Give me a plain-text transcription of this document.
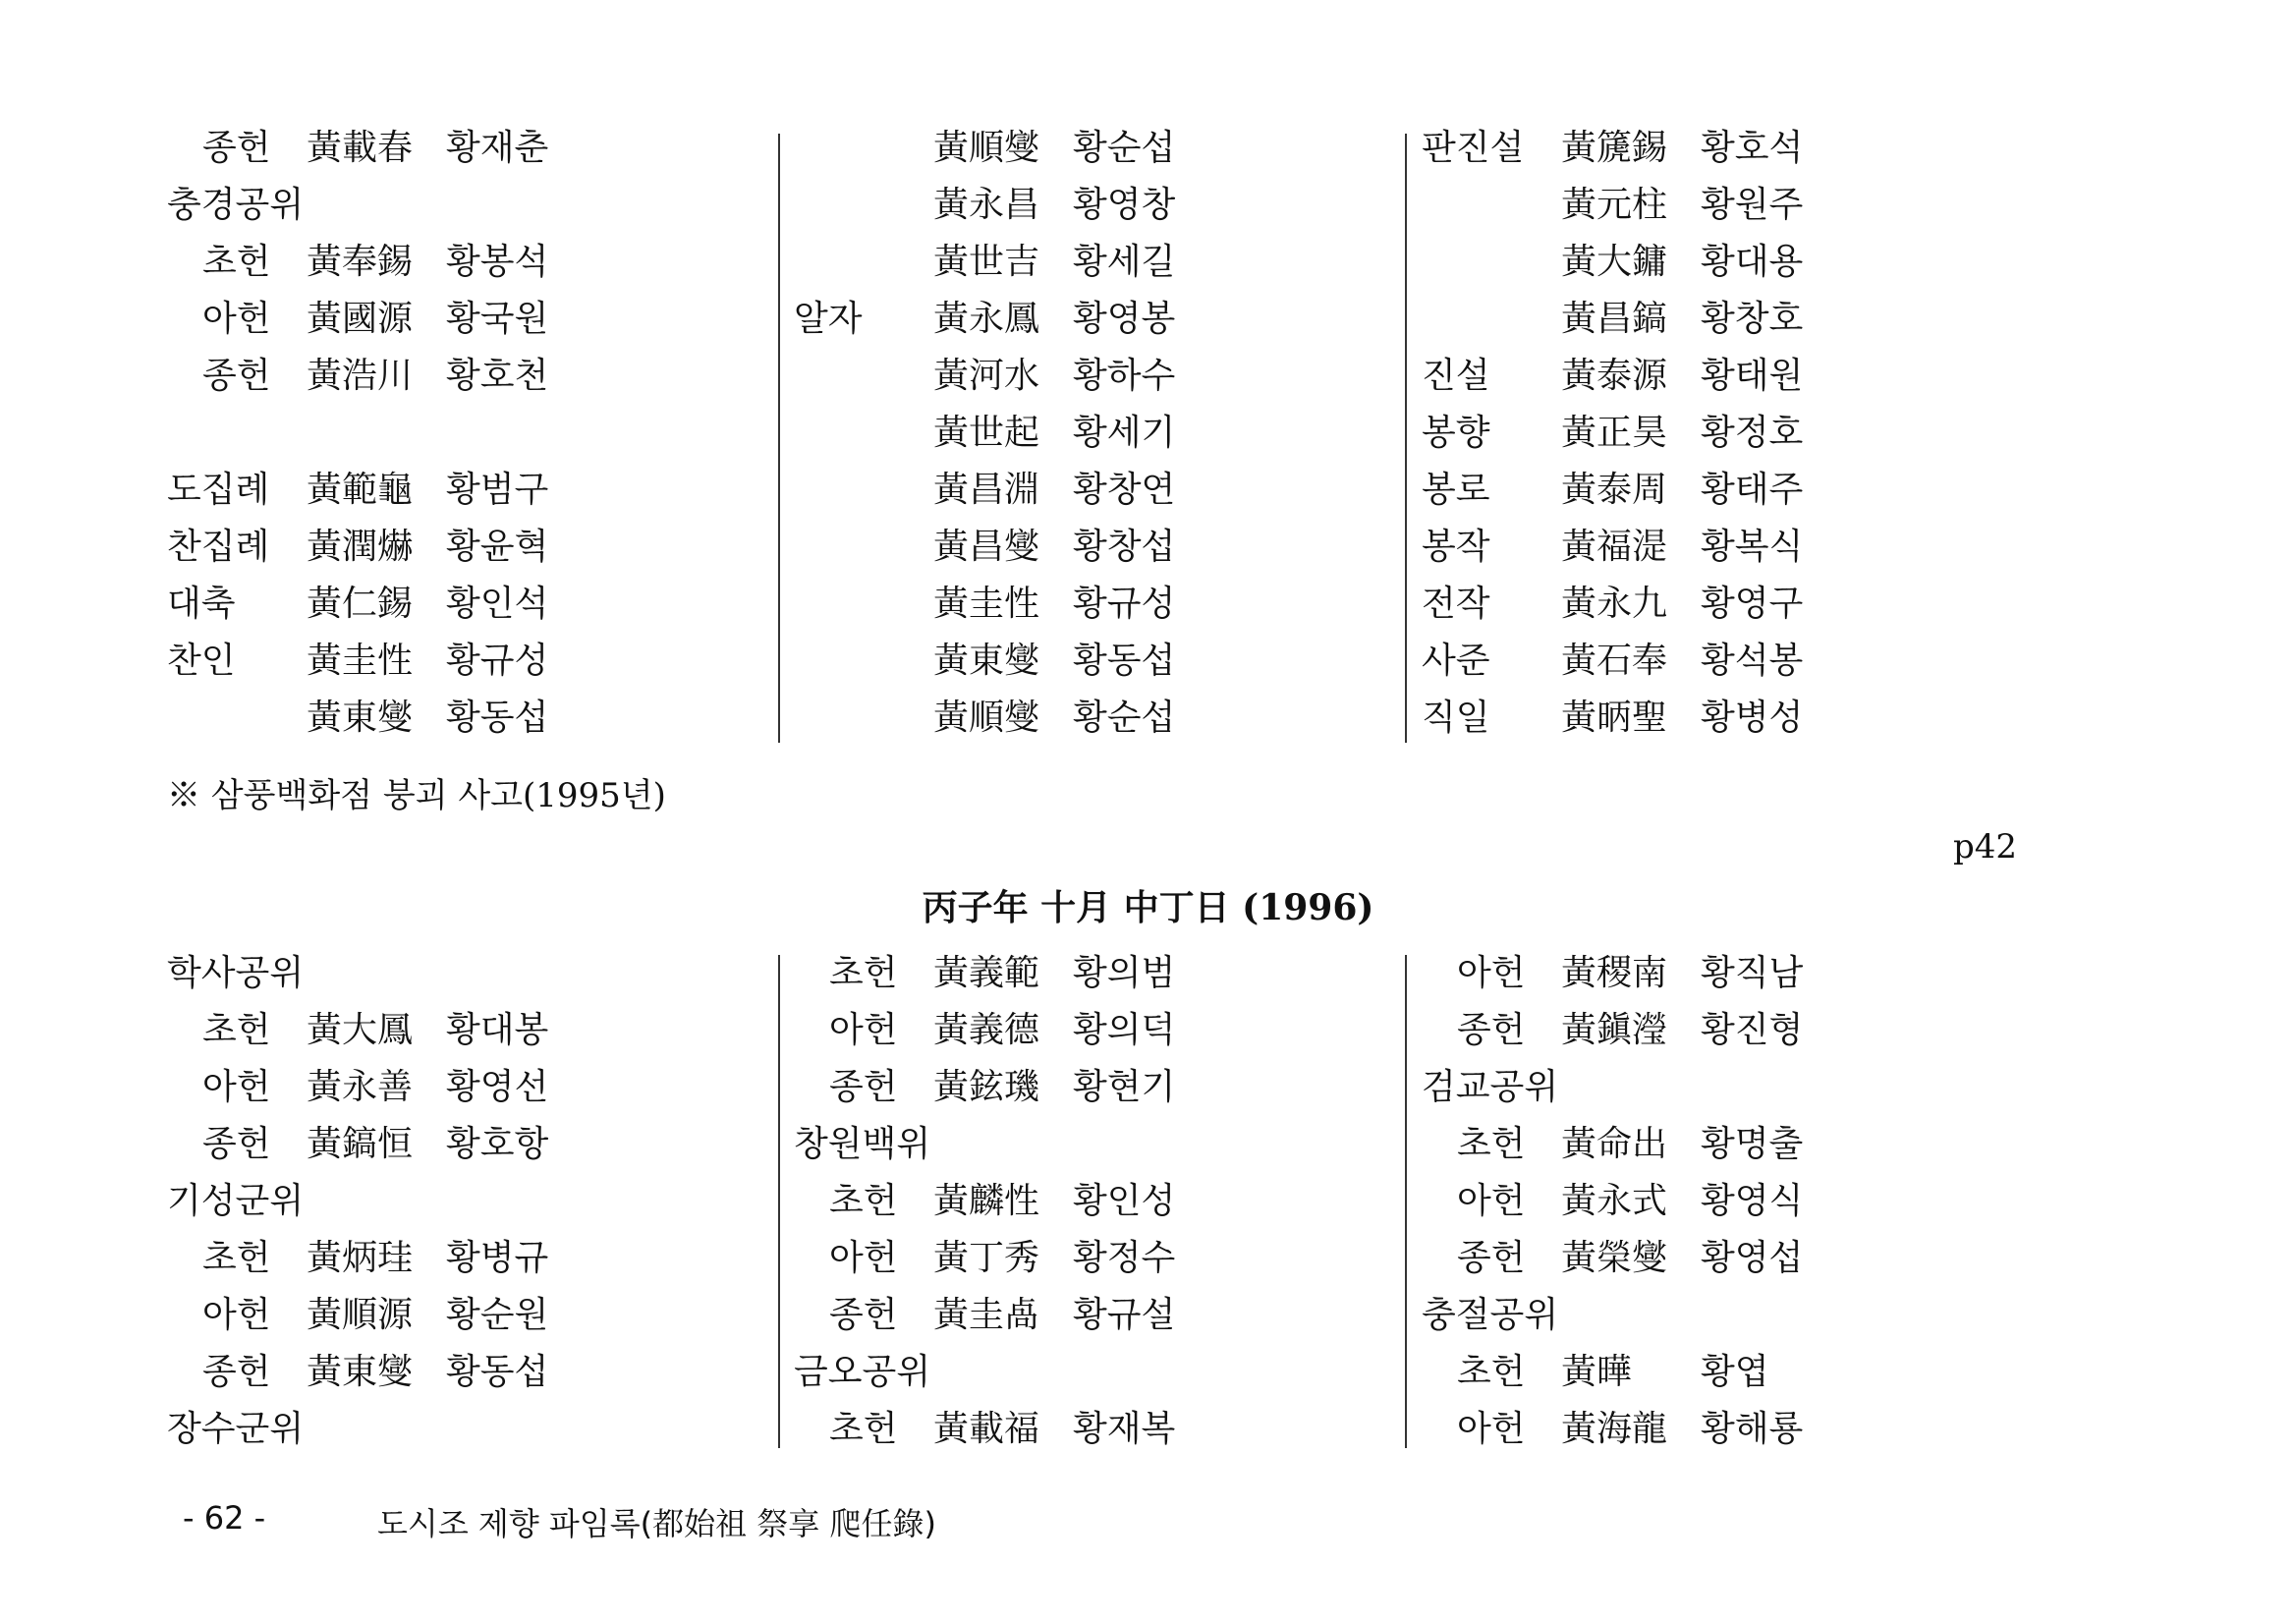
종헌 黃載春 황재춘
충경공위
초헌 黃奉錫 황봉석
아헌 黃國源 황국원
종헌 黃浩川 황호천
도집례 黃範龜 황범구
찬집례 黃潤爀 황윤혁
대축 黃仁錫 황인석
찬인 黃圭性 황규성
黃東燮 황동섭
黃順燮 황순섭
黃永昌 황영창
黃世吉 황세길
알자 黃永鳳 황영봉
黃河水 황하수
黃世起 황세기
黃昌淵 황창연
黃昌燮 황창섭
黃圭性 황규성
黃東燮 황동섭
黃順燮 황순섭
판진설 黃篪錫 황호석
黃元柱 황원주
黃大鏞 황대용
黃昌鎬 황창호
진설 黃泰源 황태원
봉향 黃正昊 황정호
봉로 黃泰周 황태주
봉작 黃福湜 황복식
전작 黃永九 황영구
사준 黃石奉 황석봉
직일 黃昞聖 황병성
※ 삼풍백화점 붕괴 사고(1995년)
p42
丙子年 十月 中丁日 (1996)
학사공위
초헌 黃大鳳 황대봉
아헌 黃永善 황영선
종헌 黃鎬恒 황호항
기성군위
초헌 黃炳珪 황병규
아헌 黃順源 황순원
종헌 黃東燮 황동섭
장수군위
초헌 黃義範 황의범
아헌 黃義德 황의덕
종헌 黃鉉璣 황현기
창원백위
초헌 黃麟性 황인성
아헌 黃丁秀 황정수
종헌 黃圭卨 황규설
금오공위
초헌 黃載福 황재복
아헌 黃稷南 황직남
종헌 黃鎭瀅 황진형
검교공위
초헌 黃命出 황명출
아헌 黃永式 황영식
종헌 黃榮燮 황영섭
충절공위
초헌 黃曄 황엽
아헌 黃海龍 황해룡
- 62 -	도시조 제향 파임록(都始祖 祭享 爬任錄)
